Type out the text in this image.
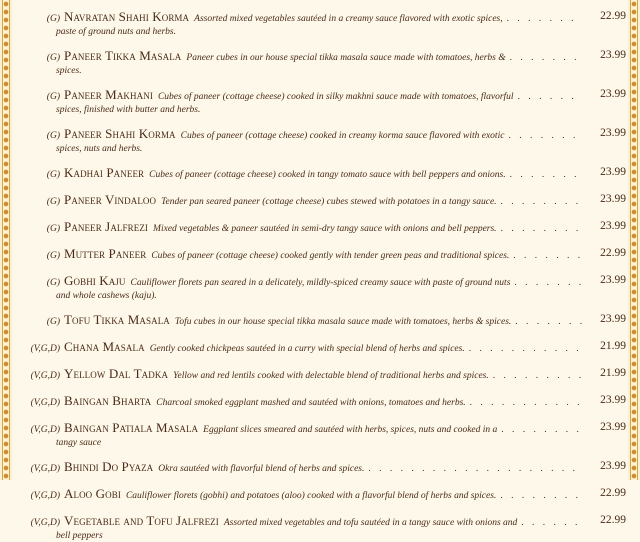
(G) Navratan Shahi Korma Assorted mixed vegetables sautéed in a creamy sauce flavored with exotic spices, . . .	22.99
paste of ground nuts and herbs.
(G) Paneer Tikka Masala Paneer cubes in our house special tikka masala sauce made with tomatoes, herbs & . . .	23.99
spices.
(G) Paneer Makhani Cubes of paneer (cottage cheese) cooked in silky makhni sauce made with tomatoes, flavorful . . .	23.99
spices, finished with butter and herbs.
(G) Paneer Shahi Korma Cubes of paneer (cottage cheese) cooked in creamy korma sauce flavored with exotic . . .	23.99
spices, nuts and herbs.
(G) Kadhai Paneer Cubes of paneer (cottage cheese) cooked in tangy tomato sauce with bell peppers and onions. . . .	23.99
(G) Paneer Vindaloo Tender pan seared paneer (cottage cheese) cubes stewed with potatoes in a tangy sauce. . . .	23.99
(G) Paneer Jalfrezi Mixed vegetables & paneer sautéed in semi-dry tangy sauce with onions and bell peppers. . . .	23.99
(G) Mutter Paneer Cubes of paneer (cottage cheese) cooked gently with tender green peas and traditional spices. . . .	22.99
(G) Gobhi Kaju Cauliflower florets pan seared in a delicately, mildly-spiced creamy sauce with paste of ground nuts . . .	23.99
and whole cashews (kaju).
(G) Tofu Tikka Masala Tofu cubes in our house special tikka masala sauce made with tomatoes, herbs & spices. . . .	23.99
(V,G,D) Chana Masala Gently cooked chickpeas sautéed in a curry with special blend of herbs and spices. . . .	21.99
(V,G,D) Yellow Dal Tadka Yellow and red lentils cooked with delectable blend of traditional herbs and spices. . . .	21.99
(V,G,D) Baingan Bharta Charcoal smoked eggplant mashed and sautéed with onions, tomatoes and herbs. . . .	23.99
(V,G,D) Baingan Patiala Masala Eggplant slices smeared and sautéed with herbs, spices, nuts and cooked in a . . .	23.99
tangy sauce
(V,G,D) Bhindi Do Pyaza Okra sautéed with flavorful blend of herbs and spices. . . .	23.99
(V,G,D) Aloo Gobi Cauliflower florets (gobhi) and potatoes (aloo) cooked with a flavorful blend of herbs and spices. . . .	22.99
(V,G,D) Vegetable and Tofu Jalfrezi Assorted mixed vegetables and tofu sautéed in a tangy sauce with onions and . . .	22.99
bell peppers
